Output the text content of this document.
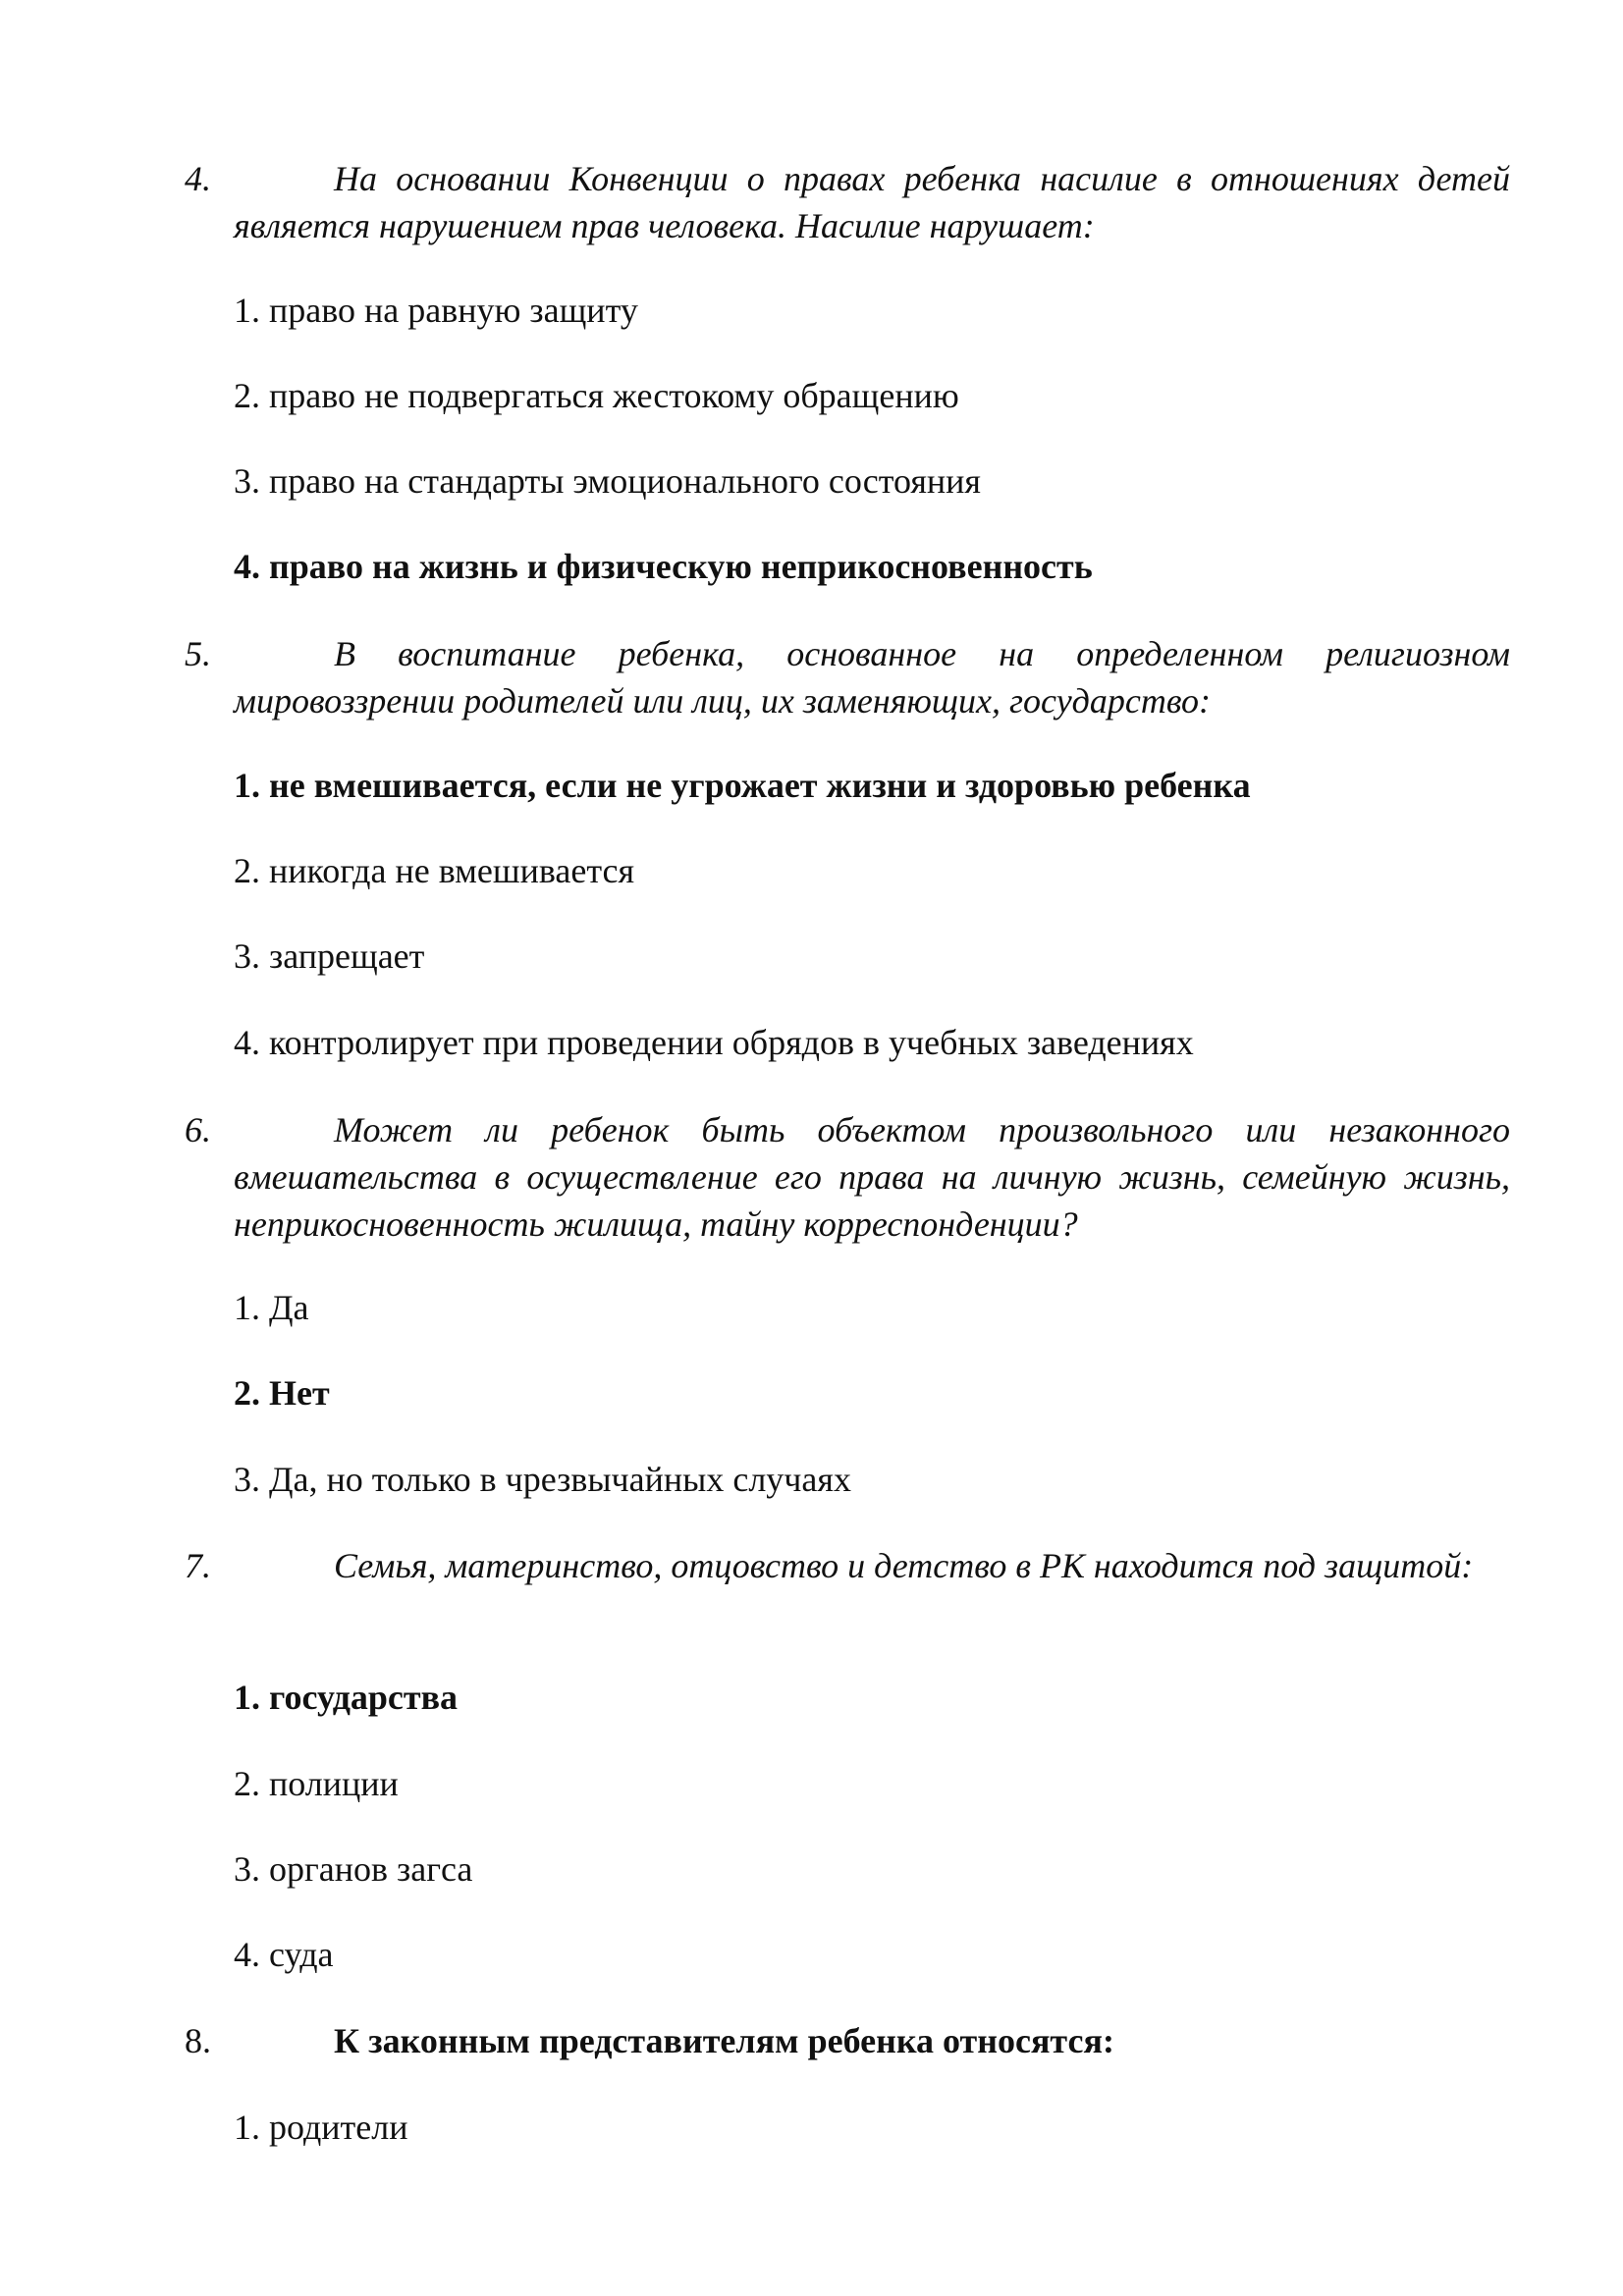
4.	На основании Конвенции о правах ребенка насилие в отношениях детей является нарушением прав человека. Насилие нарушает:
1. право на равную защиту
2. право не подвергаться жестокому обращению
3. право на стандарты эмоционального состояния
4. право на жизнь и физическую неприкосновенность
5.	В воспитание ребенка, основанное на определенном религиозном мировоззрении родителей или лиц, их заменяющих, государство:
1. не вмешивается, если не угрожает жизни и здоровью ребенка
2. никогда не вмешивается
3. запрещает
4. контролирует при проведении обрядов в учебных заведениях
6.	Может ли ребенок быть объектом произвольного или незаконного вмешательства в осуществление его права на личную жизнь, семейную жизнь, неприкосновенность жилища, тайну корреспонденции?
1. Да
2. Нет
3. Да, но только в чрезвычайных случаях
7.	Семья, материнство, отцовство и детство в РК находится под защитой:
1. государства
2. полиции
3. органов загса
4. суда
8.	К законным представителям ребенка относятся:
1. родители
